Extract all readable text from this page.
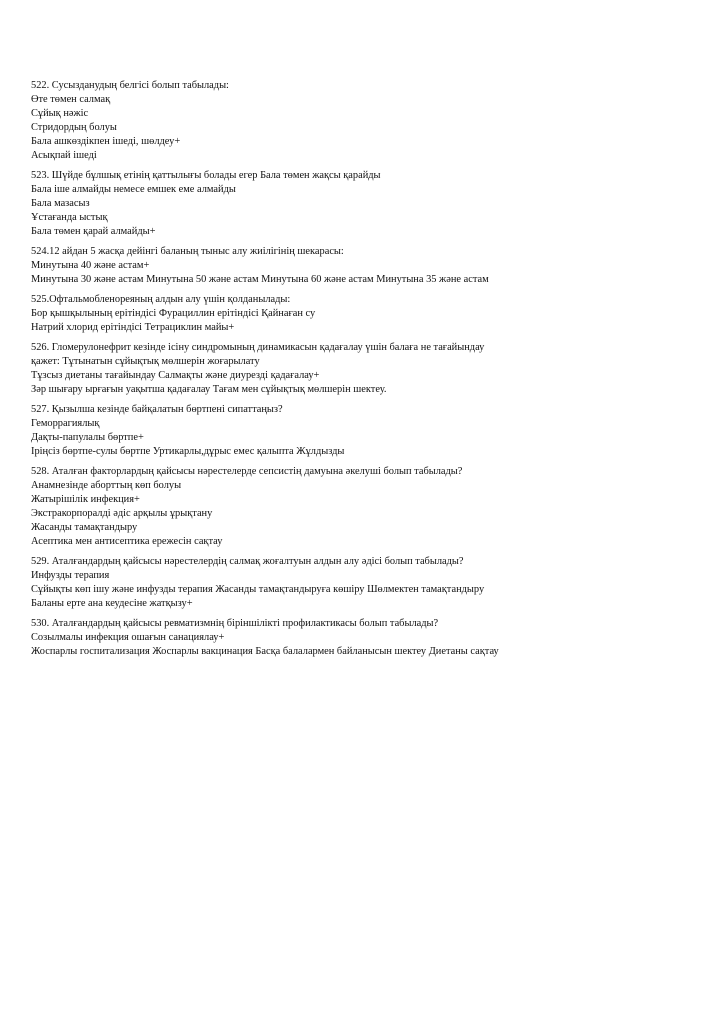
522. Сусызданудың белгісі болып табылады:
Өте төмен салмақ
Сұйық нәжіс
Стридордың болуы
Бала ашкөздікпен ішеді, шөлдеу+
Асықпай ішеді
523. Шүйде бұлшық етінің қаттылығы болады егер Бала төмен жақсы қарайды
Бала іше алмайды немесе емшек еме алмайды
Бала мазасыз
Ұстағанда ыстық
Бала төмен қарай алмайды+
524.12 айдан 5 жасқа дейінгі баланың тыныс алу жиілігінің шекарасы:
Минутына 40 және астам+
Минутына 30 және астам Минутына 50 және астам Минутына 60 және астам Минутына 35 және астам
525.Офтальмобленореяның алдын алу үшін қолданылады:
Бор қышқылының ерітіндісі Фурациллин ерітіндісі Қайнаған су
Натрий хлорид ерітіндісі Тетрациклин майы+
526. Гломерулонефрит кезінде ісіну синдромының динамикасын қадағалау үшін балаға не тағайындау
қажет: Тұтынатын сұйықтық мөлшерін жоғарылату
Тұзсыз диетаны тағайындау Салмақты және диурезді қадағалау+
Зәр шығару ырғағын уақытша қадағалау Тағам мен сұйықтық мөлшерін шектеу.
527. Қызылша кезінде байқалатын бөртпені сипаттаңыз?
Геморрагиялық
Дақты-папулалы бөртпе+
Іріңсіз бөртпе-сулы бөртпе Уртикарлы,дұрыс емес қалыпта Жұлдызды
528. Аталған факторлардың қайсысы нәрестелерде сепсистің дамуына әкелуші болып табылады?
Анамнезінде аборттың көп болуы
Жатырішілік инфекция+
Экстракорпоралді әдіс арқылы ұрықтану
Жасанды тамақтандыру
Асептика мен антисептика ережесін сақтау
529. Аталғандардың қайсысы нәрестелердің салмақ жоғалтуын алдын алу әдісі болып табылады?
Инфузды терапия
Сұйықты көп ішу және инфузды терапия Жасанды тамақтандыруға көшіру Шөлмектен тамақтандыру
Баланы ерте ана кеудесіне жатқызу+
530. Аталғандардың қайсысы ревматизмнің біріншілікті профилактикасы болып табылады?
Созылмалы инфекция ошағын санациялау+
Жоспарлы госпитализация Жоспарлы вакцинация Басқа балалармен байланысын шектеу Диетаны сақтау
